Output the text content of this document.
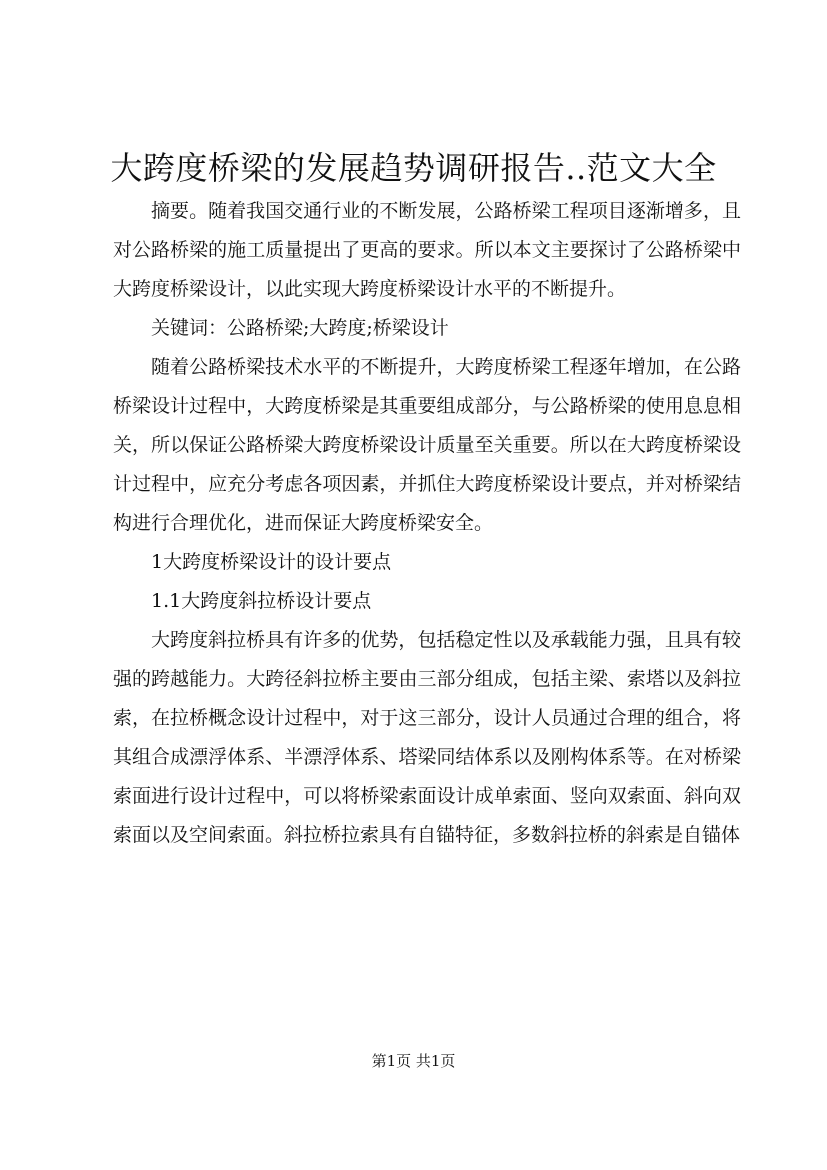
大跨度桥梁的发展趋势调研报告..范文大全

摘要。随着我国交通行业的不断发展，公路桥梁工程项目逐渐增多，且对公路桥梁的施工质量提出了更高的要求。所以本文主要探讨了公路桥梁中大跨度桥梁设计，以此实现大跨度桥梁设计水平的不断提升。

关键词：公路桥梁;大跨度;桥梁设计

随着公路桥梁技术水平的不断提升，大跨度桥梁工程逐年增加，在公路桥梁设计过程中，大跨度桥梁是其重要组成部分，与公路桥梁的使用息息相关，所以保证公路桥梁大跨度桥梁设计质量至关重要。所以在大跨度桥梁设计过程中，应充分考虑各项因素，并抓住大跨度桥梁设计要点，并对桥梁结构进行合理优化，进而保证大跨度桥梁安全。

1大跨度桥梁设计的设计要点

1.1大跨度斜拉桥设计要点

大跨度斜拉桥具有许多的优势，包括稳定性以及承载能力强，且具有较强的跨越能力。大跨径斜拉桥主要由三部分组成，包括主梁、索塔以及斜拉索，在拉桥概念设计过程中，对于这三部分，设计人员通过合理的组合，将其组合成漂浮体系、半漂浮体系、塔梁同结体系以及刚构体系等。在对桥梁索面进行设计过程中，可以将桥梁索面设计成单索面、竖向双索面、斜向双索面以及空间索面。斜拉桥拉索具有自锚特征，多数斜拉桥的斜索是自锚体

第1页 共1页
